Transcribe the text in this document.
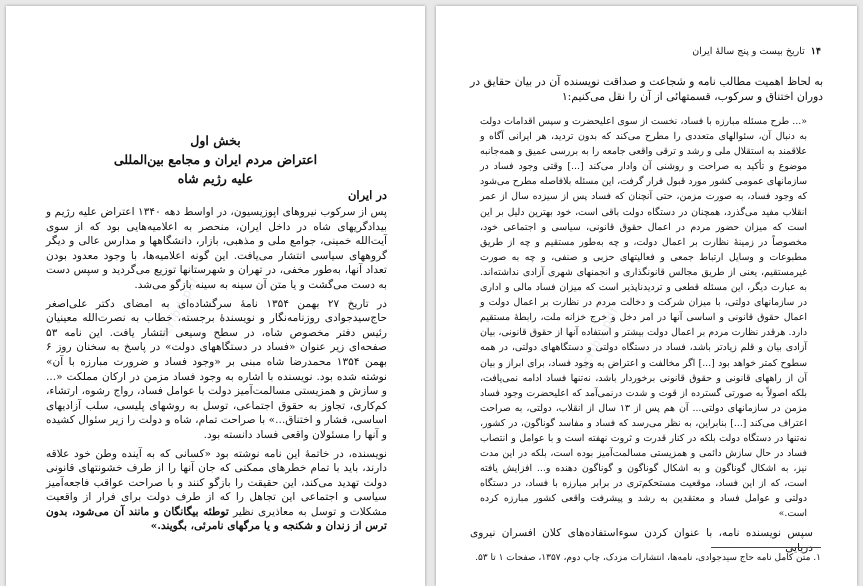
بخش اول
اعتراض مردم ایران و مجامع بین‌المللی
علیه رژیم شاه
در ایران

پس از سرکوب نیروهای اپوزیسیون، در اواسط دهه ۱۳۴۰ اعتراض علیه رژیم و بیدادگریهای شاه در داخل ایران، منحصر به اعلامیه‌هایی بود که از سوی آیت‌الله خمینی، جوامع ملی و مذهبی، بازار، دانشگاهها و مدارس عالی و دیگر گروههای سیاسی انتشار می‌یافت. این گونه اعلامیه‌ها، با وجود معدود بودن تعداد آنها، به‌طور مخفی، در تهران و شهرستانها توزیع می‌گردید و سپس دست به دست می‌گشت و یا متن آن سینه به سینه بازگو می‌شد.

در تاریخ ۲۷ بهمن ۱۳۵۴ نامهٔ سرگشاده‌ای به امضای دکتر علی‌اصغر حاج‌سیدجوادی روزنامه‌نگار و نویسندهٔ برجسته، خطاب به نصرت‌الله معینیان رئیس دفتر مخصوص شاه، در سطح وسیعی انتشار یافت. این نامه ۵۳ صفحه‌ای زیر عنوان «فساد در دستگاههای دولت» در پاسخ به سخنان روز ۶ بهمن ۱۳۵۴ محمدرضا شاه مبنی بر «وجود فساد و ضرورت مبارزه با آن» نوشته شده بود. نویسنده با اشاره به وجود فساد مزمن در ارکان مملکت «... و سازش و همزیستی مسالمت‌آمیز دولت با عوامل فساد، رواج رشوه، ارتشاء، کم‌کاری، تجاوز به حقوق اجتماعی، توسل به روشهای پلیسی، سلب آزادیهای اساسی، فشار و اختناق...» با صراحت تمام، شاه و دولت را زیر سئوال کشیده و آنها را مسئولان واقعی فساد دانسته بود.

نویسنده، در خاتمهٔ این نامه نوشته بود «کسانی که به آینده وطن خود علاقه دارند، باید با تمام خطرهای ممکنی که جان آنها را از طرف خشونتهای قانونی دولت تهدید می‌کند، این حقیقت را بازگو کنند و با صراحت عواقب فاجعه‌آمیز سیاسی و اجتماعی این تجاهل را که از طرف دولت برای فرار از واقعیت مشکلات و توسل به معاذیری نظیر توطئه بیگانگان و مانند آن می‌شود، بدون ترس از زندان و شکنجه و یا مرگهای نامرئی، بگویند.»

scribd-pdf
۱۴تاریخ بیست و پنج سالهٔ ایران
به لحاظ اهمیت مطالب نامه و شجاعت و صداقت نویسنده آن در بیان حقایق در دوران اختناق و سرکوب، قسمتهائی از آن را نقل می‌کنیم:۱
«... طرح مسئله مبارزه با فساد، نخست از سوی اعلیحضرت و سپس اقدامات دولت به دنبال آن، سئوالهای متعددی را مطرح می‌کند که بدون تردید، هر ایرانی آگاه و علاقمند به استقلال ملی و رشد و ترقی واقعی جامعه را به بررسی عمیق و همه‌جانبه موضوع و تأکید به صراحت و روشنی آن وادار می‌کند [...] وقتی وجود فساد در سازمانهای عمومی کشور مورد قبول قرار گرفت، این مسئله بلافاصله مطرح می‌شود که وجود فساد، به صورت مزمن، حتی آنچنان که فساد پس از سیزده سال از عمر انقلاب مفید می‌گذرد، همچنان در دستگاه دولت باقی است، خود بهترین دلیل بر این است که میزان حضور مردم در اعمال حقوق قانونی، سیاسی و اجتماعی خود، مخصوصاً در زمینهٔ نظارت بر اعمال دولت، و چه به‌طور مستقیم و چه از طریق مطبوعات و وسایل ارتباط جمعی و فعالیتهای حزبی و صنفی، و چه به صورت غیرمستقیم، یعنی از طریق مجالس قانونگذاری و انجمنهای شهری آزادی نداشته‌اند. به عبارت دیگر، این مسئله قطعی و تردیدناپذیر است که میزان فساد مالی و اداری در سازمانهای دولتی، با میزان شرکت و دخالت مردم در نظارت بر اعمال دولت و اعمال حقوق قانونی و اساسی آنها در امر دخل و خرج خزانه ملت، رابطهٔ مستقیم دارد. هرقدر نظارت مردم بر اعمال دولت بیشتر و استفاده آنها از حقوق قانونی، بیان آزادی بیان و قلم زیادتر باشد، فساد در دستگاه دولتی و دستگاههای دولتی، در همه سطوح کمتر خواهد بود [...] اگر مخالفت و اعتراض به وجود فساد، برای ابراز و بیان آن از راههای قانونی و حقوق قانونی برخوردار باشد، نه‌تنها فساد ادامه نمی‌یافت، بلکه اصولاً به صورتی گسترده از قوت و شدت درنمی‌آمد که اعلیحضرت وجود فساد مزمن در سازمانهای دولتی... آن هم پس از ۱۳ سال از انقلاب، دولتی، به صراحت اعتراف می‌کند [...] بنابراین، به نظر می‌رسد که فساد و مفاسد گوناگون، در کشور، نه‌تنها در دستگاه دولت بلکه در کنار قدرت و ثروت نهفته است و با عوامل و انتصاب فساد در حال سازش دائمی و همزیستی مسالمت‌آمیز بوده است، بلکه در این مدت نیز، به اشکال گوناگون و به اشکال گوناگون و گوناگون دهنده و... افزایش یافته است، که از این فساد، موقعیت مستحکم‌تری در برابر مبارزه با فساد، در دستگاه دولتی و عوامل فساد و معتقدین به رشد و پیشرفت واقعی کشور مبارزه کرده است.»
سپس نویسنده نامه، با عنوان کردن سوءاستفاده‌های کلان افسران نیروی دریایی
۱. متن کامل نامه حاج سیدجوادی، نامه‌ها، انتشارات مزدک، چاپ دوم، ۱۳۵۷، صفحات ۱ تا ۵۳.
scribd-pdf
